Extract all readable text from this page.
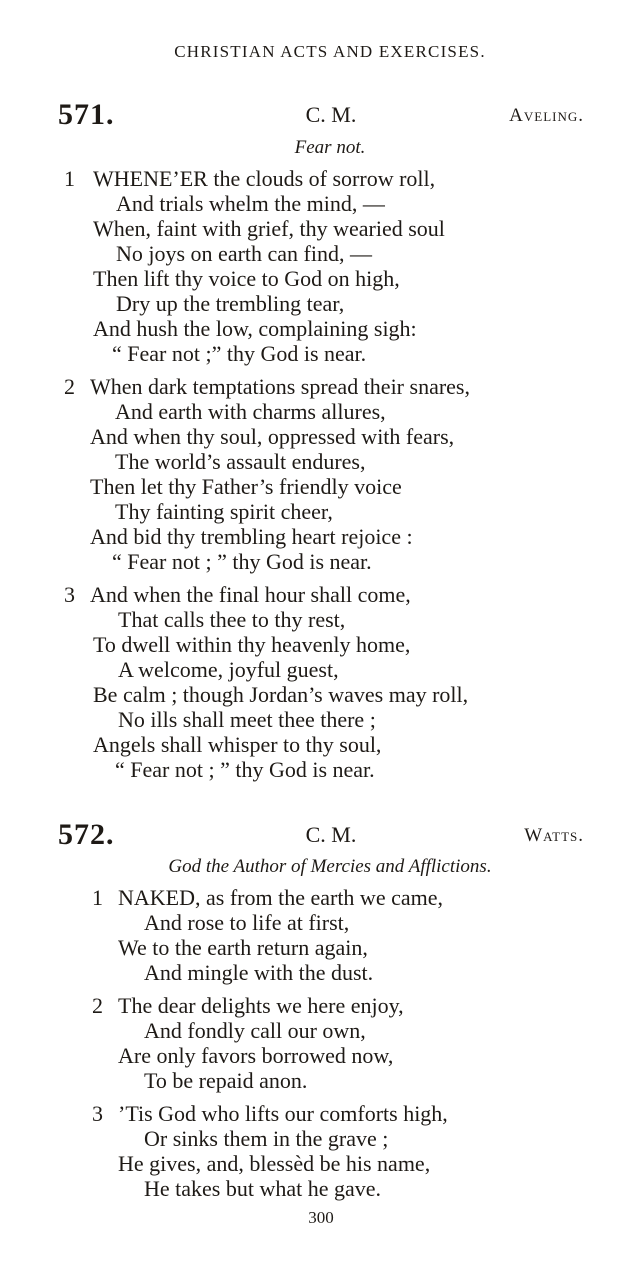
CHRISTIAN ACTS AND EXERCISES.
571.	C. M.	Aveling.
Fear not.
1 WHENE’ER the clouds of sorrow roll,
And trials whelm the mind, —
When, faint with grief, thy wearied soul
No joys on earth can find, —
Then lift thy voice to God on high,
Dry up the trembling tear,
And hush the low, complaining sigh:
“ Fear not ;” thy God is near.
2 When dark temptations spread their snares,
And earth with charms allures,
And when thy soul, oppressed with fears,
The world’s assault endures,
Then let thy Father’s friendly voice
Thy fainting spirit cheer,
And bid thy trembling heart rejoice :
“ Fear not ; ” thy God is near.
3 And when the final hour shall come,
That calls thee to thy rest,
To dwell within thy heavenly home,
A welcome, joyful guest,
Be calm ; though Jordan’s waves may roll,
No ills shall meet thee there ;
Angels shall whisper to thy soul,
“ Fear not ; ” thy God is near.
572.	C. M.	Watts.
God the Author of Mercies and Afflictions.
1 NAKED, as from the earth we came,
And rose to life at first,
We to the earth return again,
And mingle with the dust.
2 The dear delights we here enjoy,
And fondly call our own,
Are only favors borrowed now,
To be repaid anon.
3 ’Tis God who lifts our comforts high,
Or sinks them in the grave ;
He gives, and, blessèd be his name,
He takes but what he gave.
300
